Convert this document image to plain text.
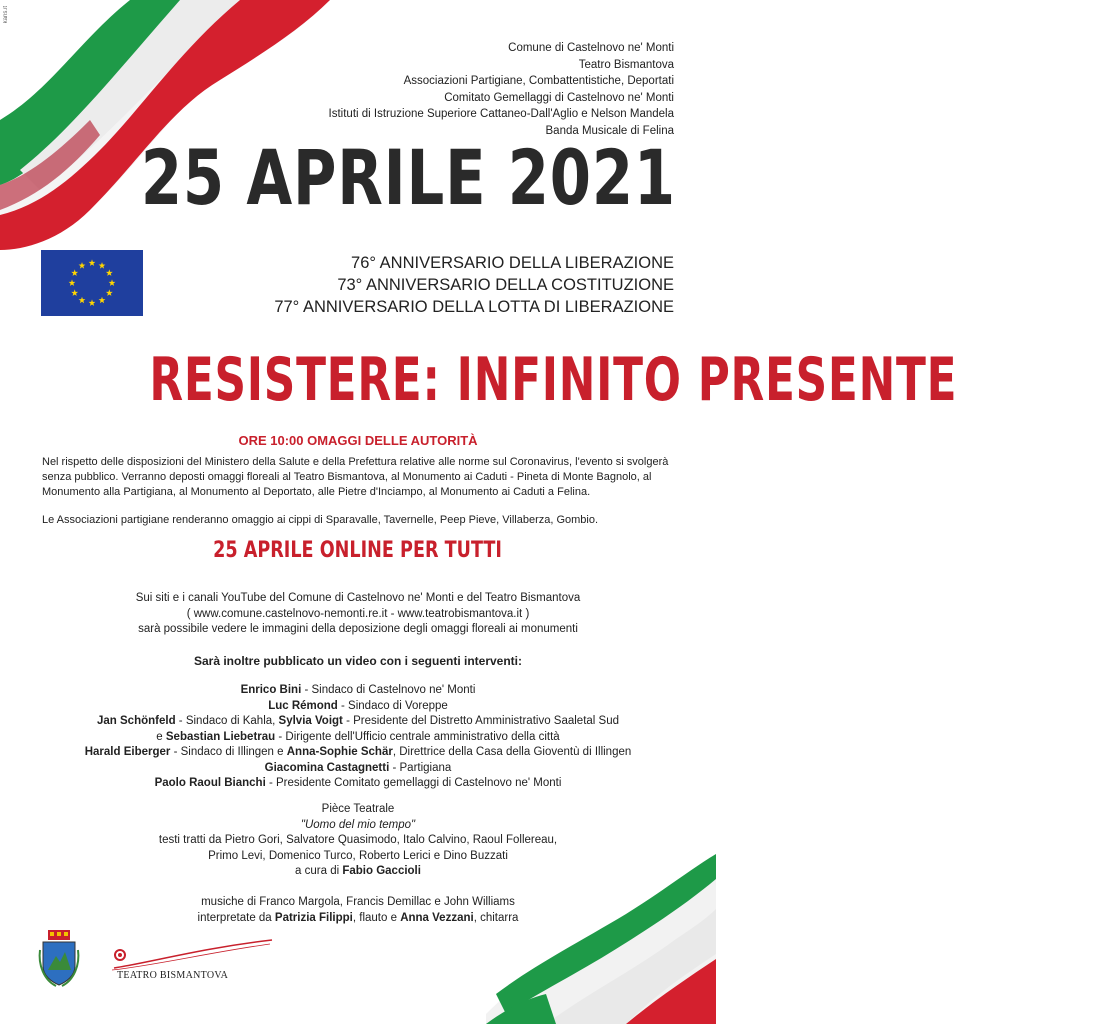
karis.it
Comune di Castelnovo ne' Monti
Teatro Bismantova
Associazioni Partigiane, Combattentistiche, Deportati
Comitato Gemellaggi di Castelnovo ne' Monti
Istituti di Istruzione Superiore Cattaneo-Dall'Aglio e Nelson Mandela
Banda Musicale di Felina
25 APRILE 2021
76° ANNIVERSARIO DELLA LIBERAZIONE
73° ANNIVERSARIO DELLA COSTITUZIONE
77° ANNIVERSARIO DELLA LOTTA DI LIBERAZIONE
RESISTERE: INFINITO PRESENTE
ORE 10:00 OMAGGI DELLE AUTORITÀ
Nel rispetto delle disposizioni del Ministero della Salute e della Prefettura relative alle norme sul Coronavirus, l'evento si svolgerà senza pubblico. Verranno deposti omaggi floreali al Teatro Bismantova, al Monumento ai Caduti - Pineta di Monte Bagnolo, al Monumento alla Partigiana, al Monumento al Deportato, alle Pietre d'Inciampo, al Monumento ai Caduti a Felina.
Le Associazioni partigiane renderanno omaggio ai cippi di Sparavalle, Tavernelle, Peep Pieve, Villaberza, Gombio.
25 APRILE ONLINE PER TUTTI
Sui siti e i canali YouTube del Comune di Castelnovo ne' Monti e del Teatro Bismantova
( www.comune.castelnovo-nemonti.re.it - www.teatrobismantova.it )
sarà possibile vedere le immagini della deposizione degli omaggi floreali ai monumenti
Sarà inoltre pubblicato un video con i seguenti interventi:
Enrico Bini - Sindaco di Castelnovo ne' Monti
Luc Rémond - Sindaco di Voreppe
Jan Schönfeld - Sindaco di Kahla, Sylvia Voigt - Presidente del Distretto Amministrativo Saaletal Sud
e Sebastian Liebetrau - Dirigente dell'Ufficio centrale amministrativo della città
Harald Eiberger - Sindaco di Illingen e Anna-Sophie Schär, Direttrice della Casa della Gioventù di Illingen
Giacomina Castagnetti - Partigiana
Paolo Raoul Bianchi - Presidente Comitato gemellaggi di Castelnovo ne' Monti
Pièce Teatrale
"Uomo del mio tempo"
testi tratti da Pietro Gori, Salvatore Quasimodo, Italo Calvino, Raoul Follereau,
Primo Levi, Domenico Turco, Roberto Lerici e Dino Buzzati
a cura di Fabio Gaccioli
musiche di Franco Margola, Francis Demillac e John Williams
interpretate da Patrizia Filippi, flauto e Anna Vezzani, chitarra
TEATRO BISMANTOVA
